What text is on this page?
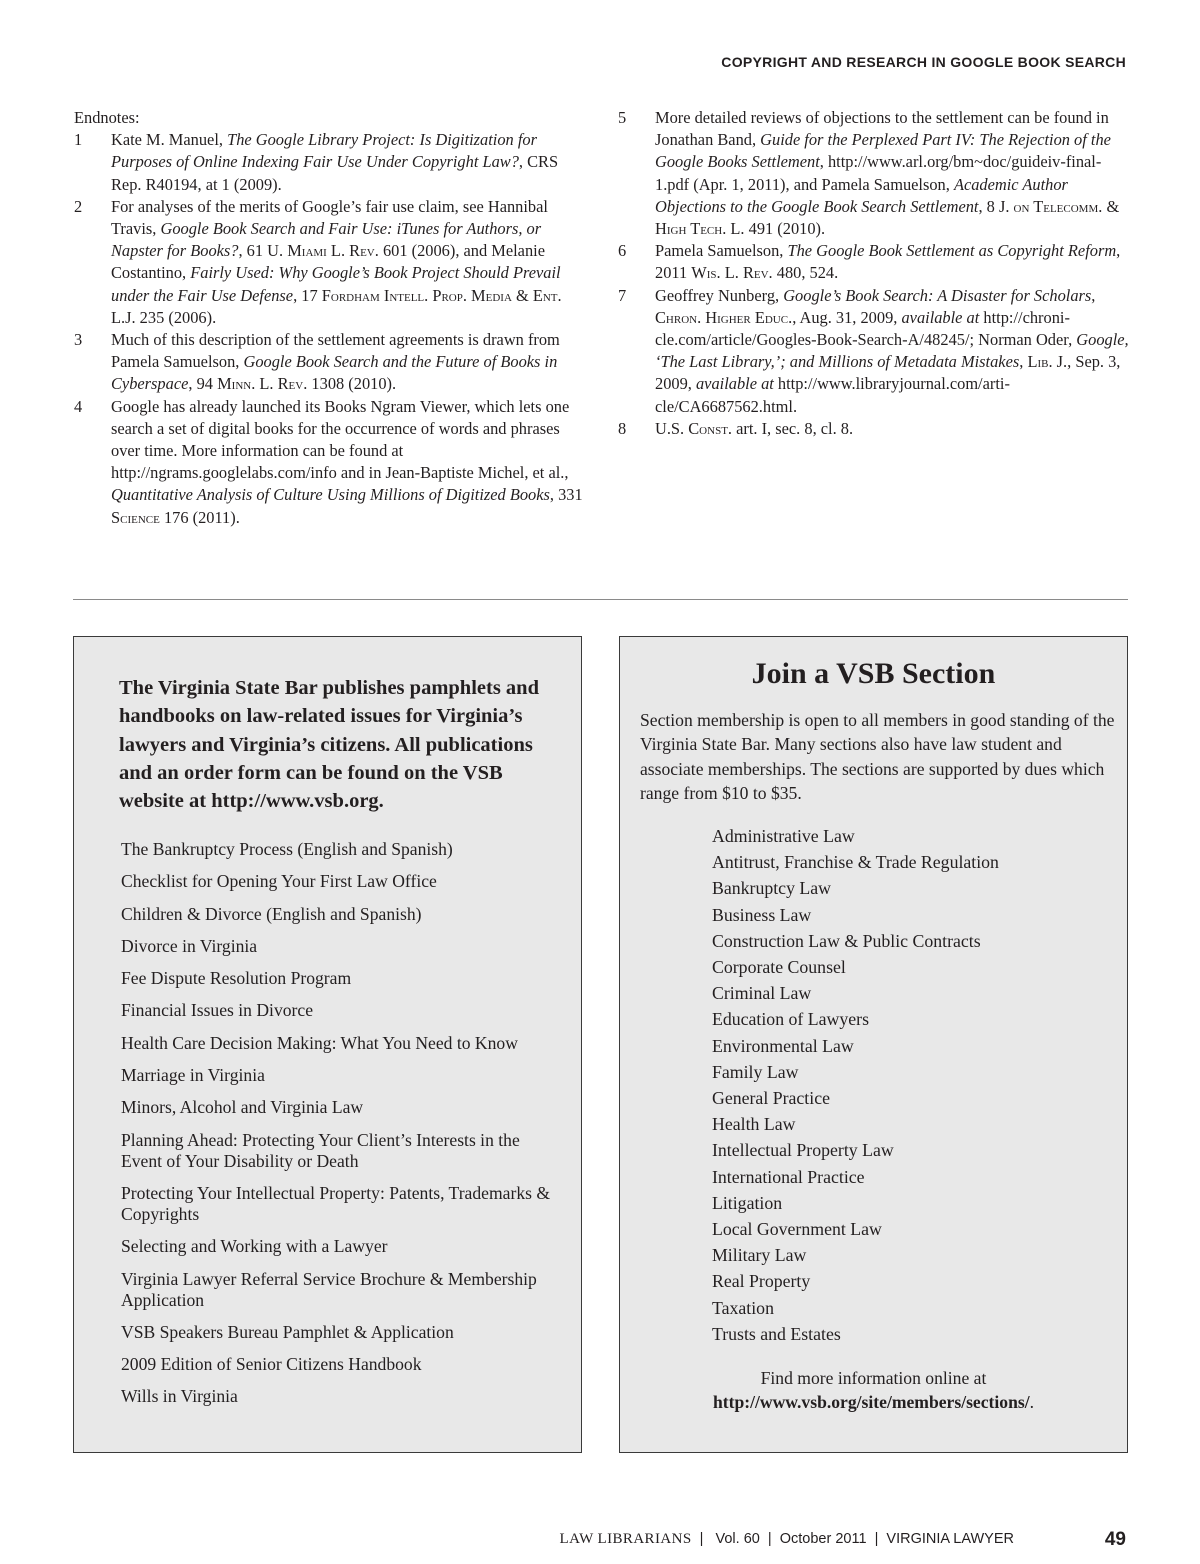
COPYRIGHT AND RESEARCH IN GOOGLE BOOK SEARCH
Endnotes:
1	Kate M. Manuel, The Google Library Project: Is Digitization for Purposes of Online Indexing Fair Use Under Copyright Law?, CRS Rep. R40194, at 1 (2009).
2	For analyses of the merits of Google’s fair use claim, see Hannibal Travis, Google Book Search and Fair Use: iTunes for Authors, or Napster for Books?, 61 U. Miami L. Rev. 601 (2006), and Melanie Costantino, Fairly Used: Why Google’s Book Project Should Prevail under the Fair Use Defense, 17 Fordham Intell. Prop. Media & Ent. L.J. 235 (2006).
3	Much of this description of the settlement agreements is drawn from Pamela Samuelson, Google Book Search and the Future of Books in Cyberspace, 94 Minn. L. Rev. 1308 (2010).
4	Google has already launched its Books Ngram Viewer, which lets one search a set of digital books for the occurrence of words and phrases over time. More information can be found at http://ngrams.googlelabs.com/info and in Jean-Baptiste Michel, et al., Quantitative Analysis of Culture Using Millions of Digitized Books, 331 Science 176 (2011).
5	More detailed reviews of objections to the settlement can be found in Jonathan Band, Guide for the Perplexed Part IV: The Rejection of the Google Books Settlement, http://www.arl.org/bm~doc/guideiv-final-1.pdf (Apr. 1, 2011), and Pamela Samuelson, Academic Author Objections to the Google Book Search Settlement, 8 J. on Telecomm. & High Tech. L. 491 (2010).
6	Pamela Samuelson, The Google Book Settlement as Copyright Reform, 2011 Wis. L. Rev. 480, 524.
7	Geoffrey Nunberg, Google’s Book Search: A Disaster for Scholars, Chron. Higher Educ., Aug. 31, 2009, available at http://chronicle.com/article/Googles-Book-Search-A/48245/; Norman Oder, Google, ‘The Last Library,’; and Millions of Metadata Mistakes, Lib. J., Sep. 3, 2009, available at http://www.libraryjournal.com/article/CA6687562.html.
8	U.S. Const. art. I, sec. 8, cl. 8.
The Virginia State Bar publishes pamphlets and handbooks on law-related issues for Virginia’s lawyers and Virginia’s citizens. All publications and an order form can be found on the VSB website at http://www.vsb.org.
The Bankruptcy Process (English and Spanish)
Checklist for Opening Your First Law Office
Children & Divorce (English and Spanish)
Divorce in Virginia
Fee Dispute Resolution Program
Financial Issues in Divorce
Health Care Decision Making: What You Need to Know
Marriage in Virginia
Minors, Alcohol and Virginia Law
Planning Ahead: Protecting Your Client’s Interests in the Event of Your Disability or Death
Protecting Your Intellectual Property: Patents, Trademarks & Copyrights
Selecting and Working with a Lawyer
Virginia Lawyer Referral Service Brochure & Membership Application
VSB Speakers Bureau Pamphlet & Application
2009 Edition of Senior Citizens Handbook
Wills in Virginia
Join a VSB Section
Section membership is open to all members in good standing of the Virginia State Bar. Many sections also have law student and associate memberships. The sections are supported by dues which range from $10 to $35.
Administrative Law
Antitrust, Franchise & Trade Regulation
Bankruptcy Law
Business Law
Construction Law & Public Contracts
Corporate Counsel
Criminal Law
Education of Lawyers
Environmental Law
Family Law
General Practice
Health Law
Intellectual Property Law
International Practice
Litigation
Local Government Law
Military Law
Real Property
Taxation
Trusts and Estates
Find more information online at
http://www.vsb.org/site/members/sections/.
LAW LIBRARIANS  |   Vol. 60  |  October 2011  |  VIRGINIA LAWYER	49
